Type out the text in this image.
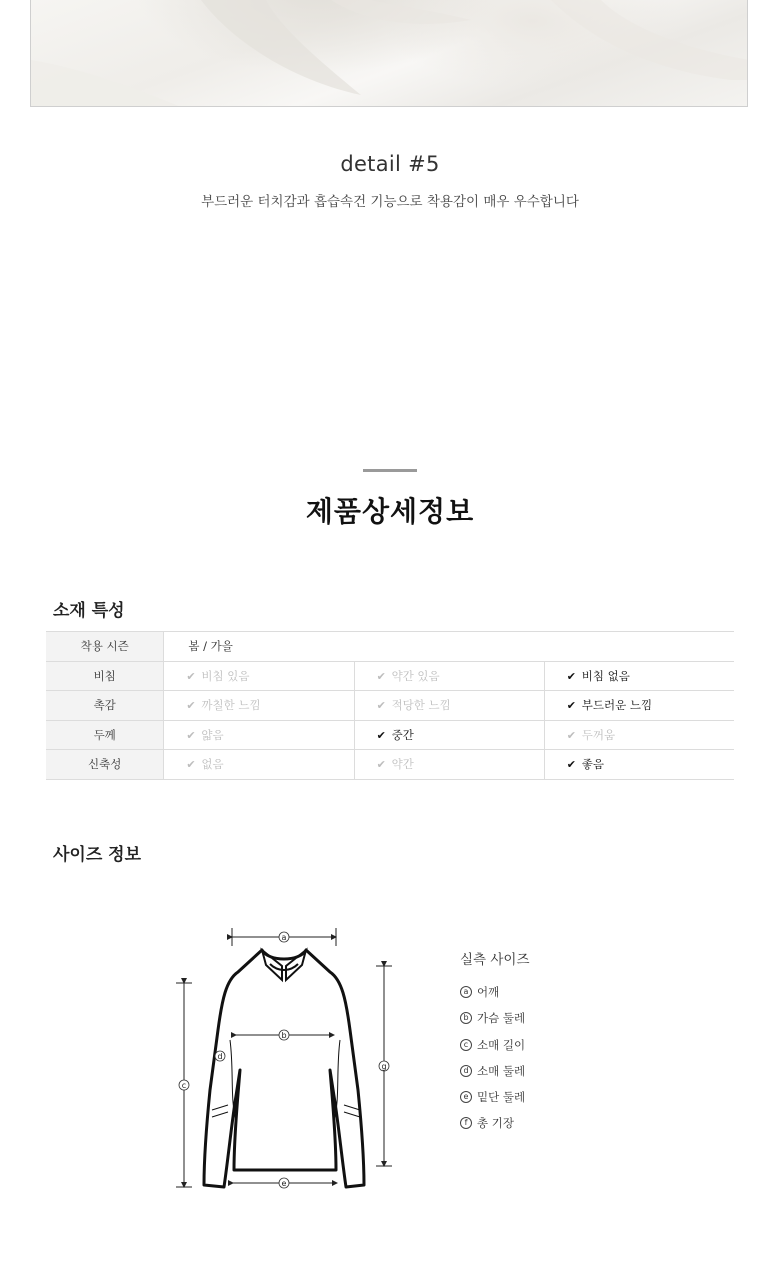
detail #5
부드러운 터치감과 흡습속건 기능으로 착용감이 매우 우수합니다
제품상세정보
소재 특성
착용 시즌	봄 / 가을		
비침	✔ 비침 있음	✔ 약간 있음	✔ 비침 없음
촉감	✔ 까칠한 느낌	✔ 적당한 느낌	✔ 부드러운 느낌
두께	✔ 얇음	✔ 중간	✔ 두꺼움
신축성	✔ 없음	✔ 약간	✔ 좋음
사이즈 정보
a
b
d
c
g
e
실측 사이즈
a 어깨
b 가슴 둘레
c 소매 길이
d 소매 둘레
e 밑단 둘레
f 총 기장
